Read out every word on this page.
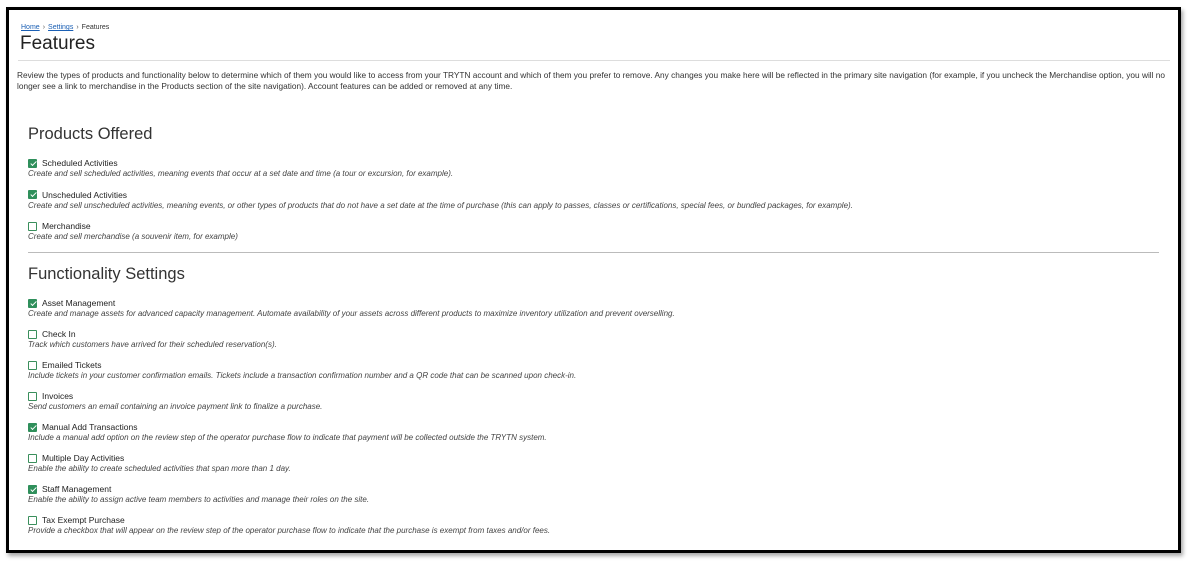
Home › Settings › Features
Features
Review the types of products and functionality below to determine which of them you would like to access from your TRYTN account and which of them you prefer to remove. Any changes you make here will be reflected in the primary site navigation (for example, if you uncheck the Merchandise option, you will no longer see a link to merchandise in the Products section of the site navigation). Account features can be added or removed at any time.
Products Offered
Scheduled Activities
Create and sell scheduled activities, meaning events that occur at a set date and time (a tour or excursion, for example).
Unscheduled Activities
Create and sell unscheduled activities, meaning events, or other types of products that do not have a set date at the time of purchase (this can apply to passes, classes or certifications, special fees, or bundled packages, for example).
Merchandise
Create and sell merchandise (a souvenir item, for example)
Functionality Settings
Asset Management
Create and manage assets for advanced capacity management. Automate availability of your assets across different products to maximize inventory utilization and prevent overselling.
Check In
Track which customers have arrived for their scheduled reservation(s).
Emailed Tickets
Include tickets in your customer confirmation emails. Tickets include a transaction confirmation number and a QR code that can be scanned upon check-in.
Invoices
Send customers an email containing an invoice payment link to finalize a purchase.
Manual Add Transactions
Include a manual add option on the review step of the operator purchase flow to indicate that payment will be collected outside the TRYTN system.
Multiple Day Activities
Enable the ability to create scheduled activities that span more than 1 day.
Staff Management
Enable the ability to assign active team members to activities and manage their roles on the site.
Tax Exempt Purchase
Provide a checkbox that will appear on the review step of the operator purchase flow to indicate that the purchase is exempt from taxes and/or fees.
